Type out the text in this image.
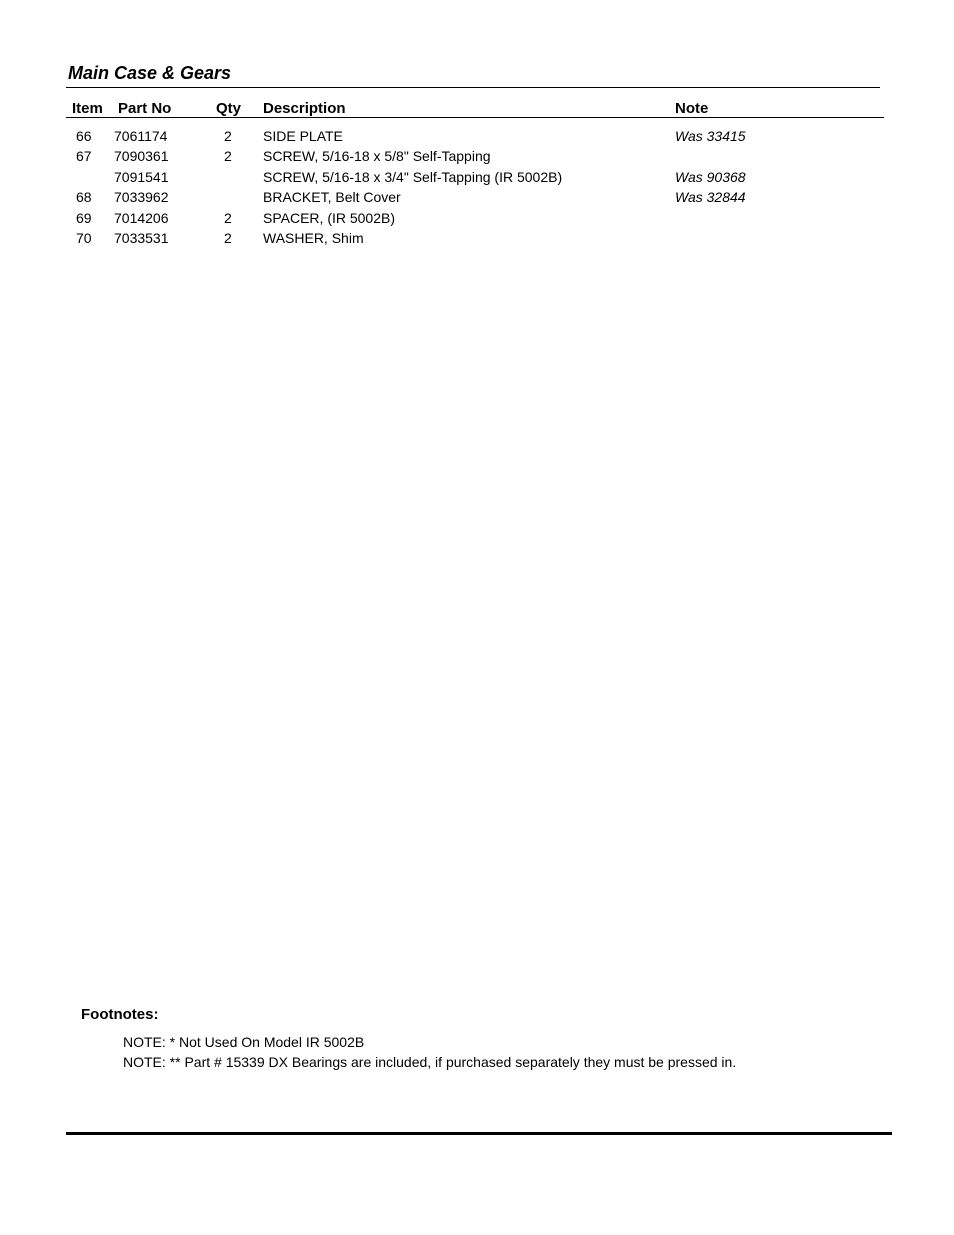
Main Case & Gears
Item Part No	Qty Description	Note
66 7061174	2 SIDE PLATE	Was 33415
67 7090361	2 SCREW, 5/16-18 x 5/8" Self-Tapping
7091541	SCREW, 5/16-18 x 3/4" Self-Tapping (IR 5002B)	Was 90368
68 7033962	BRACKET, Belt Cover	Was 32844
69 7014206	2 SPACER, (IR 5002B)
70 7033531	2 WASHER, Shim
Footnotes:
NOTE: * Not Used On Model IR 5002B
NOTE: ** Part # 15339 DX Bearings are included, if purchased separately they must be pressed in.
